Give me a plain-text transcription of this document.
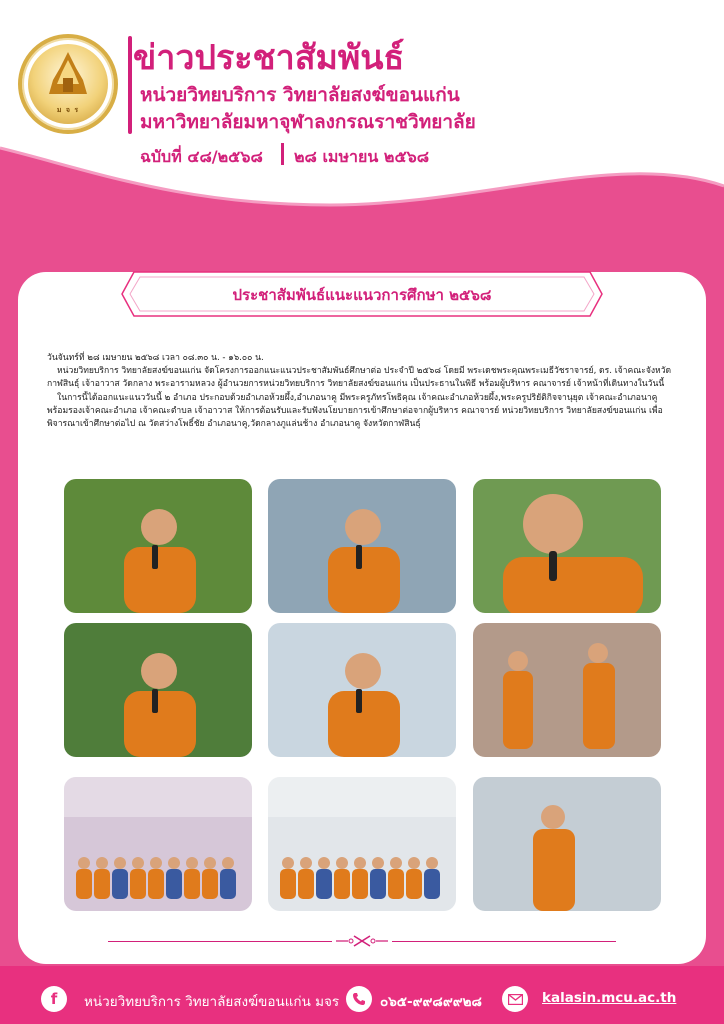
ม จ ร
ข่าวประชาสัมพันธ์
หน่วยวิทยบริการ วิทยาลัยสงฆ์ขอนแก่น
มหาวิทยาลัยมหาจุฬาลงกรณราชวิทยาลัย
ฉบับที่ ๔๘/๒๕๖๘ ๒๘ เมษายน ๒๕๖๘
ประชาสัมพันธ์แนะแนวการศึกษา ๒๕๖๘

วันจันทร์ที่ ๒๘ เมษายน ๒๕๖๘ เวลา ๐๘.๓๐ น. - ๑๖.๐๐ น.

หน่วยวิทยบริการ วิทยาลัยสงฆ์ขอนแก่น จัดโครงการออกแนะแนวประชาสัมพันธ์ศึกษาต่อ ประจำปี ๒๕๖๘ โดยมี พระเดชพระคุณพระเมธีวัชราจารย์, ดร. เจ้าคณะจังหวัดกาฬสินธุ์ เจ้าอาวาส วัดกลาง พระอารามหลวง ผู้อำนวยการหน่วยวิทยบริการ วิทยาลัยสงฆ์ขอนแก่น เป็นประธานในพิธี พร้อมผู้บริหาร คณาจารย์ เจ้าหน้าที่เดินทางในวันนี้

ในการนี้ได้ออกแนะแนววันนี้ ๒ อำเภอ ประกอบด้วยอำเภอห้วยผึ้ง,อำเภอนาคู มีพระครูภัทรโพธิคุณ เจ้าคณะอำเภอห้วยผึ้ง,พระครูปริยัติกิจจานุยุต เจ้าคณะอำเภอนาคู พร้อมรองเจ้าคณะอำเภอ เจ้าคณะตำบล เจ้าอาวาส ให้การต้อนรับและรับฟังนโยบายการเข้าศึกษาต่อจากผู้บริหาร คณาจารย์ หน่วยวิทยบริการ วิทยาลัยสงฆ์ขอนแก่น เพื่อพิจารณาเข้าศึกษาต่อไป ณ วัดสว่างโพธิ์ชัย อำเภอนาคู,วัดกลางภูแล่นช้าง อำเภอนาคู จังหวัดกาฬสินธุ์

f	หน่วยวิทยบริการ วิทยาลัยสงฆ์ขอนแก่น มจร	๐๖๕-๙๙๘๙๙๒๘	kalasin.mcu.ac.th
